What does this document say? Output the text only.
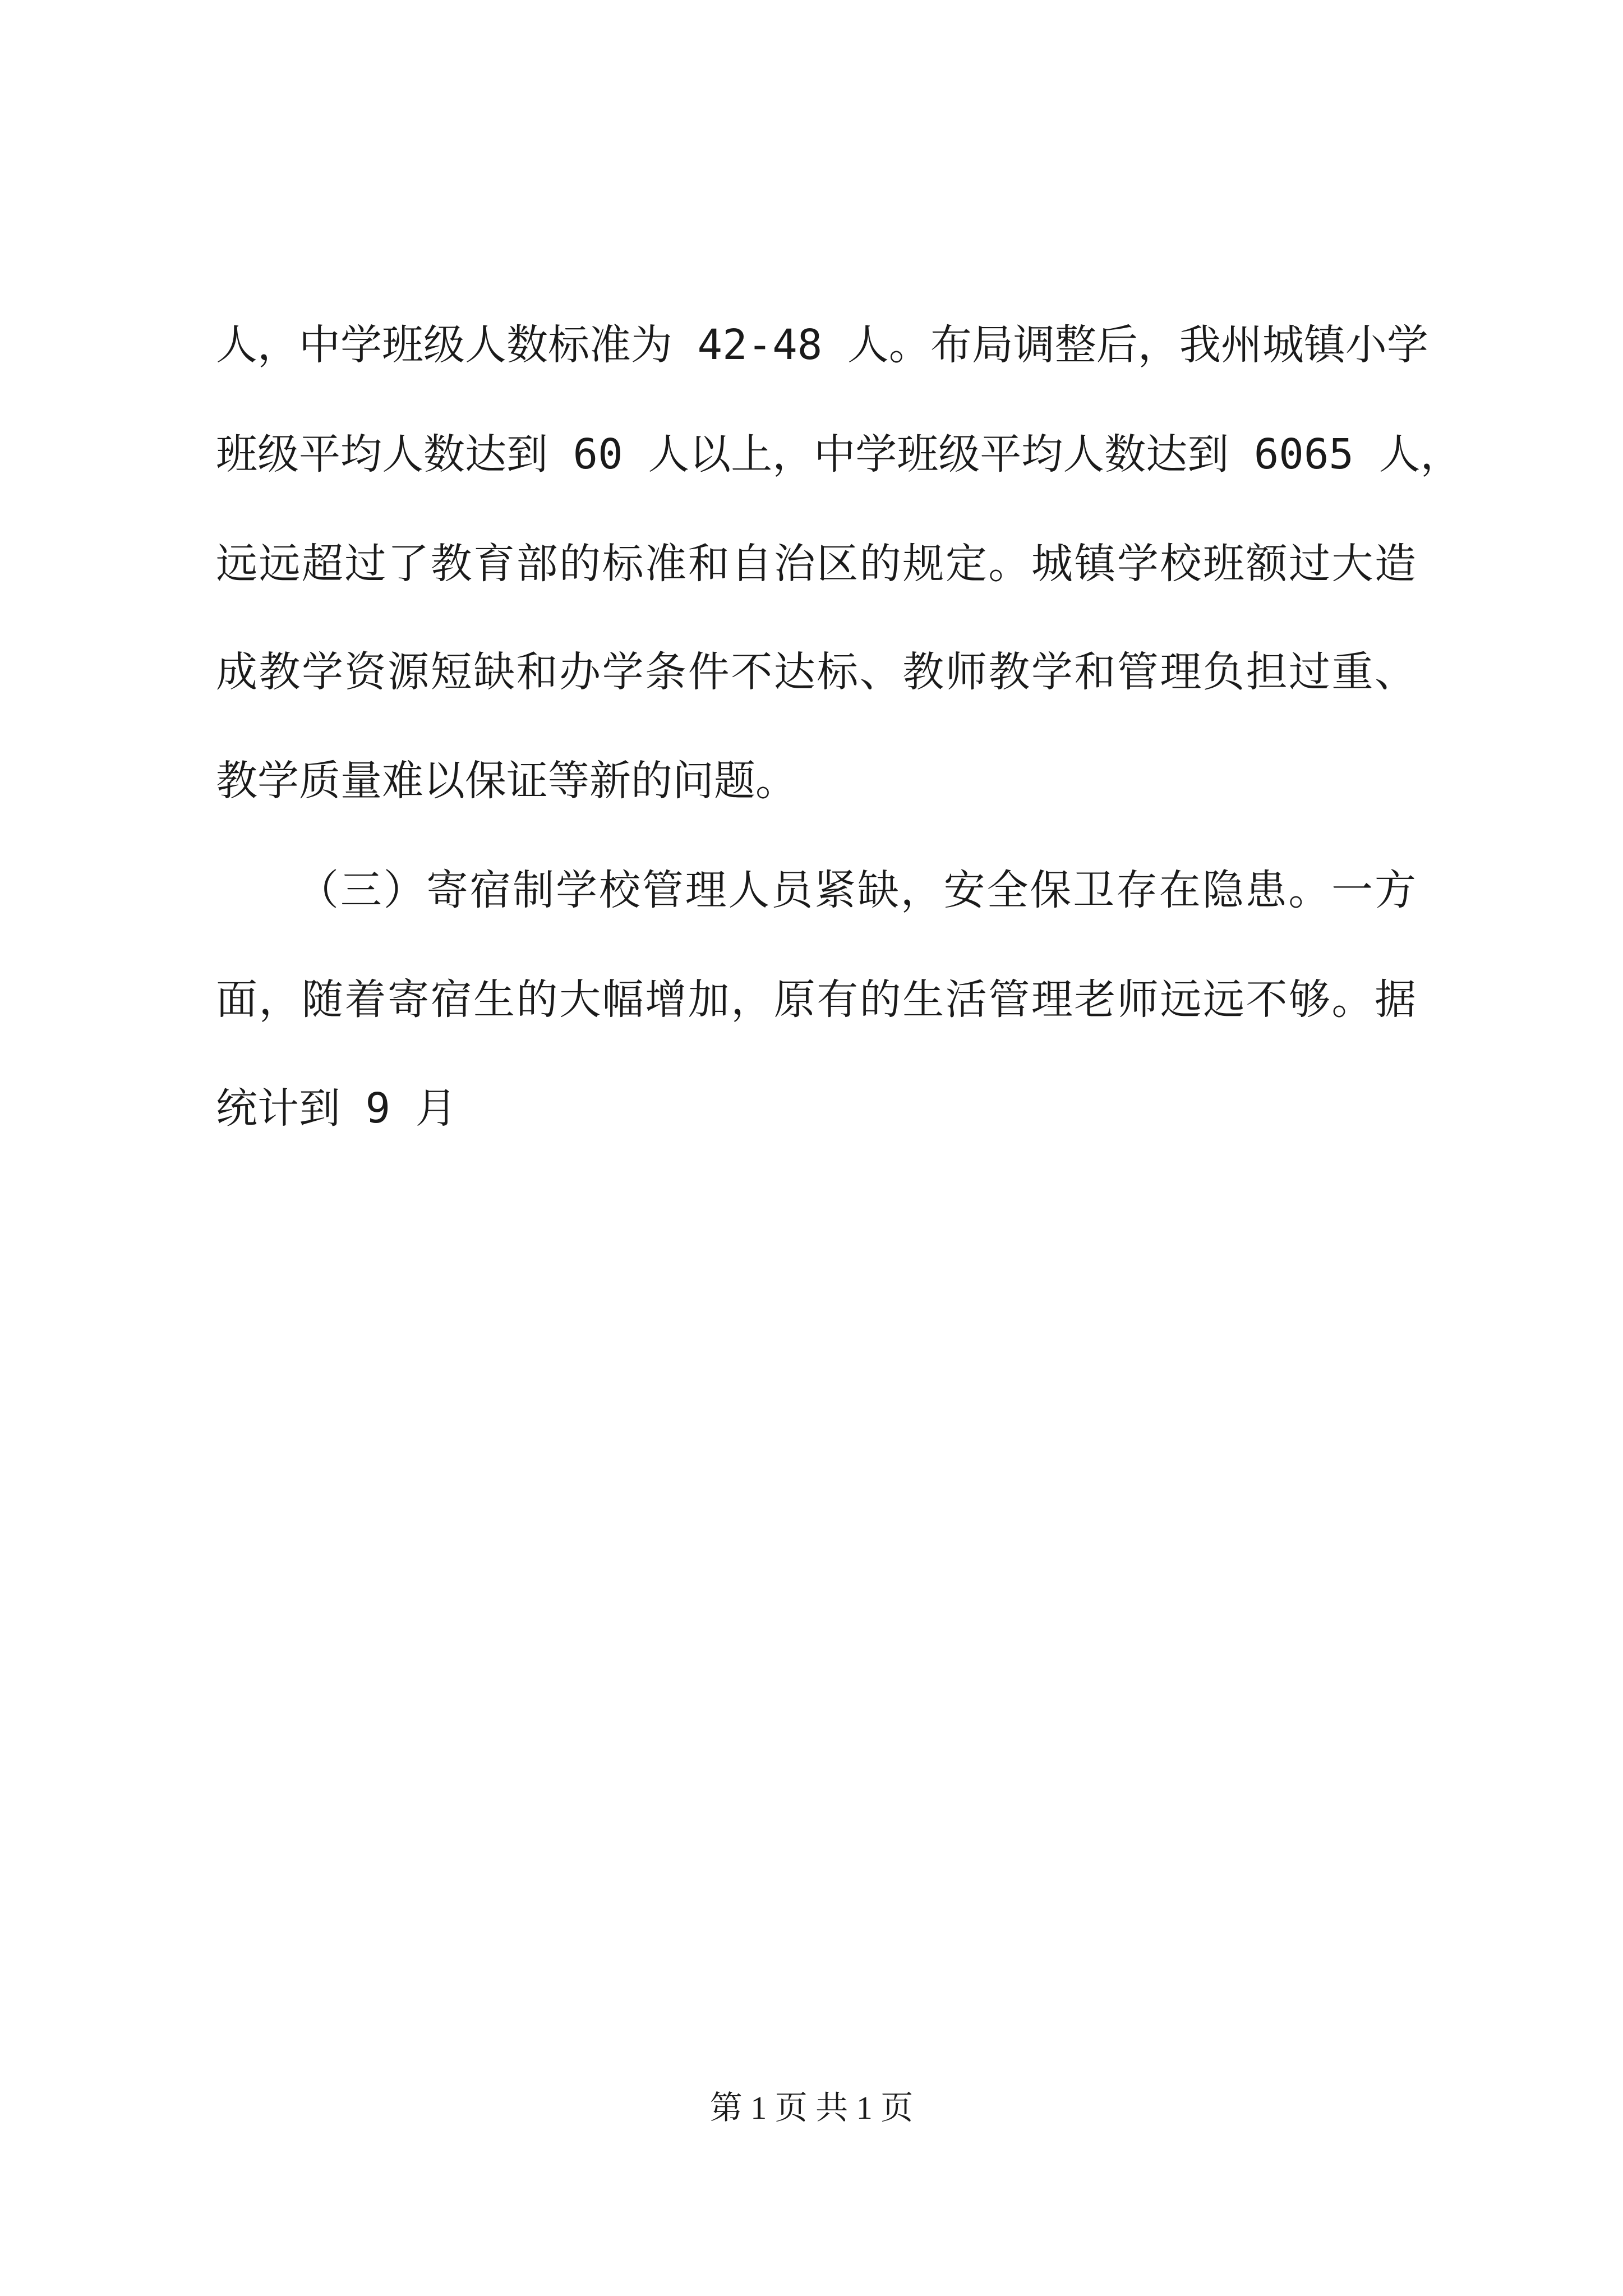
人，中学班级人数标准为 42-48 人。布局调整后，我州城镇小学
班级平均人数达到 60 人以上，中学班级平均人数达到 6065 人，
远远超过了教育部的标准和自治区的规定。城镇学校班额过大造
成教学资源短缺和办学条件不达标、教师教学和管理负担过重、
教学质量难以保证等新的问题。
（三）寄宿制学校管理人员紧缺，安全保卫存在隐患。一方
面，随着寄宿生的大幅增加，原有的生活管理老师远远不够。据
统计到 9 月
第 1 页 共 1 页
